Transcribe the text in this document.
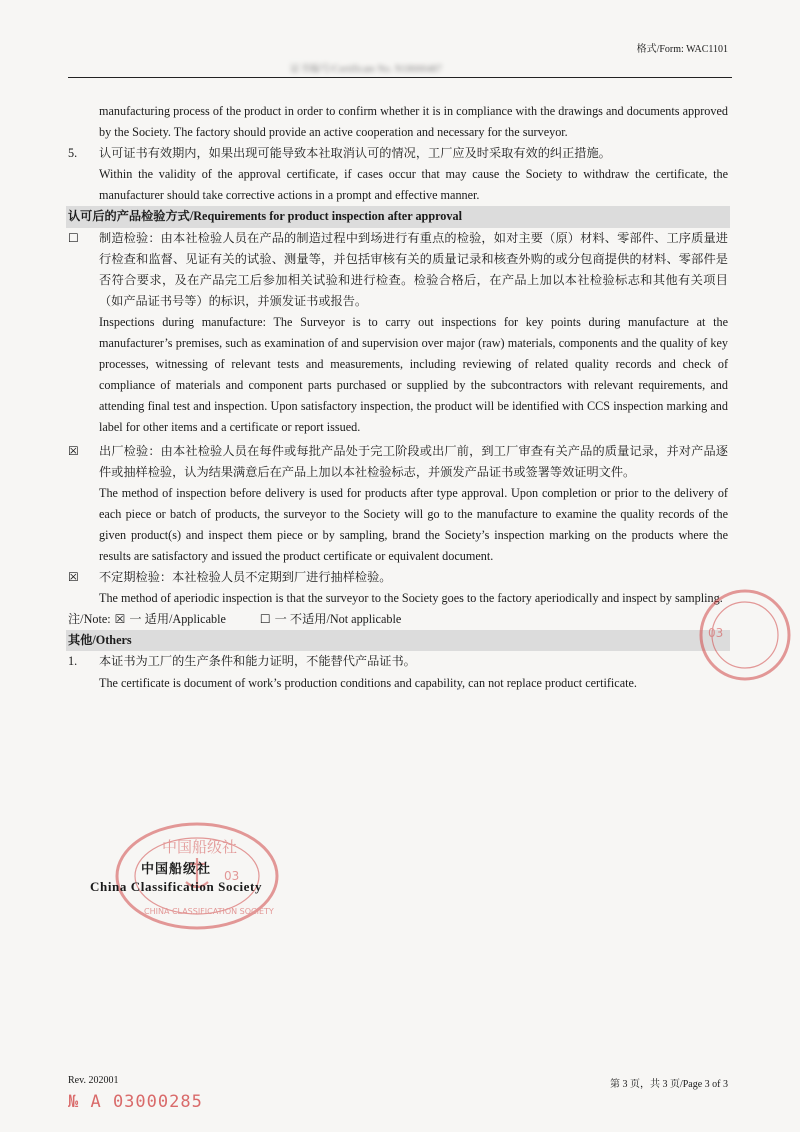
格式/Form: WAC1101
证书编号/Certificate No. N18000487
manufacturing process of the product in order to confirm whether it is in compliance with the drawings and documents approved by the Society. The factory should provide an active cooperation and necessary for the surveyor.
5.	认可证书有效期内，如果出现可能导致本社取消认可的情况，工厂应及时采取有效的纠正措施。
Within the validity of the approval certificate, if cases occur that may cause the Society to withdraw the certificate, the manufacturer should take corrective actions in a prompt and effective manner.
认可后的产品检验方式/Requirements for product inspection after approval
☐	制造检验：由本社检验人员在产品的制造过程中到场进行有重点的检验，如对主要（原）材料、零部件、工序质量进行检查和监督、见证有关的试验、测量等，并包括审核有关的质量记录和核查外购的或分包商提供的材料、零部件是否符合要求，及在产品完工后参加相关试验和进行检查。检验合格后，在产品上加以本社检验标志和其他有关项目（如产品证书号等）的标识，并颁发证书或报告。
Inspections during manufacture: The Surveyor is to carry out inspections for key points during manufacture at the manufacturer’s premises, such as examination of and supervision over major (raw) materials, components and the quality of key processes, witnessing of relevant tests and measurements, including reviewing of related quality records and check of compliance of materials and component parts purchased or supplied by the subcontractors with relevant requirements, and attending final test and inspection. Upon satisfactory inspection, the product will be identified with CCS inspection marking and label for other items and a certificate or report issued.
☒	出厂检验：由本社检验人员在每件或每批产品处于完工阶段或出厂前，到工厂审查有关产品的质量记录，并对产品逐件或抽样检验，认为结果满意后在产品上加以本社检验标志，并颁发产品证书或签署等效证明文件。
The method of inspection before delivery is used for products after type approval. Upon completion or prior to the delivery of each piece or batch of products, the surveyor to the Society will go to the manufacture to examine the quality records of the given product(s) and inspect them piece or by sampling, brand the Society’s inspection marking on the products where the results are satisfactory and issued the product certificate or equivalent document.
☒	不定期检验：本社检验人员不定期到厂进行抽样检验。
The method of aperiodic inspection is that the surveyor to the Society goes to the factory aperiodically and inspect by sampling.
注/Note: ☒ 一 适用/Applicable	☐ 一 不适用/Not applicable
其他/Others
1.	本证书为工厂的生产条件和能力证明，不能替代产品证书。
The certificate is document of work’s production conditions and capability, can not replace product certificate.
03
中国船级社
03
CHINA CLASSIFICATION SOCIETY
中国船级社
China Classification Society
Rev. 202001	第 3 页，共 3 页/Page 3 of 3
№ A 03000285
